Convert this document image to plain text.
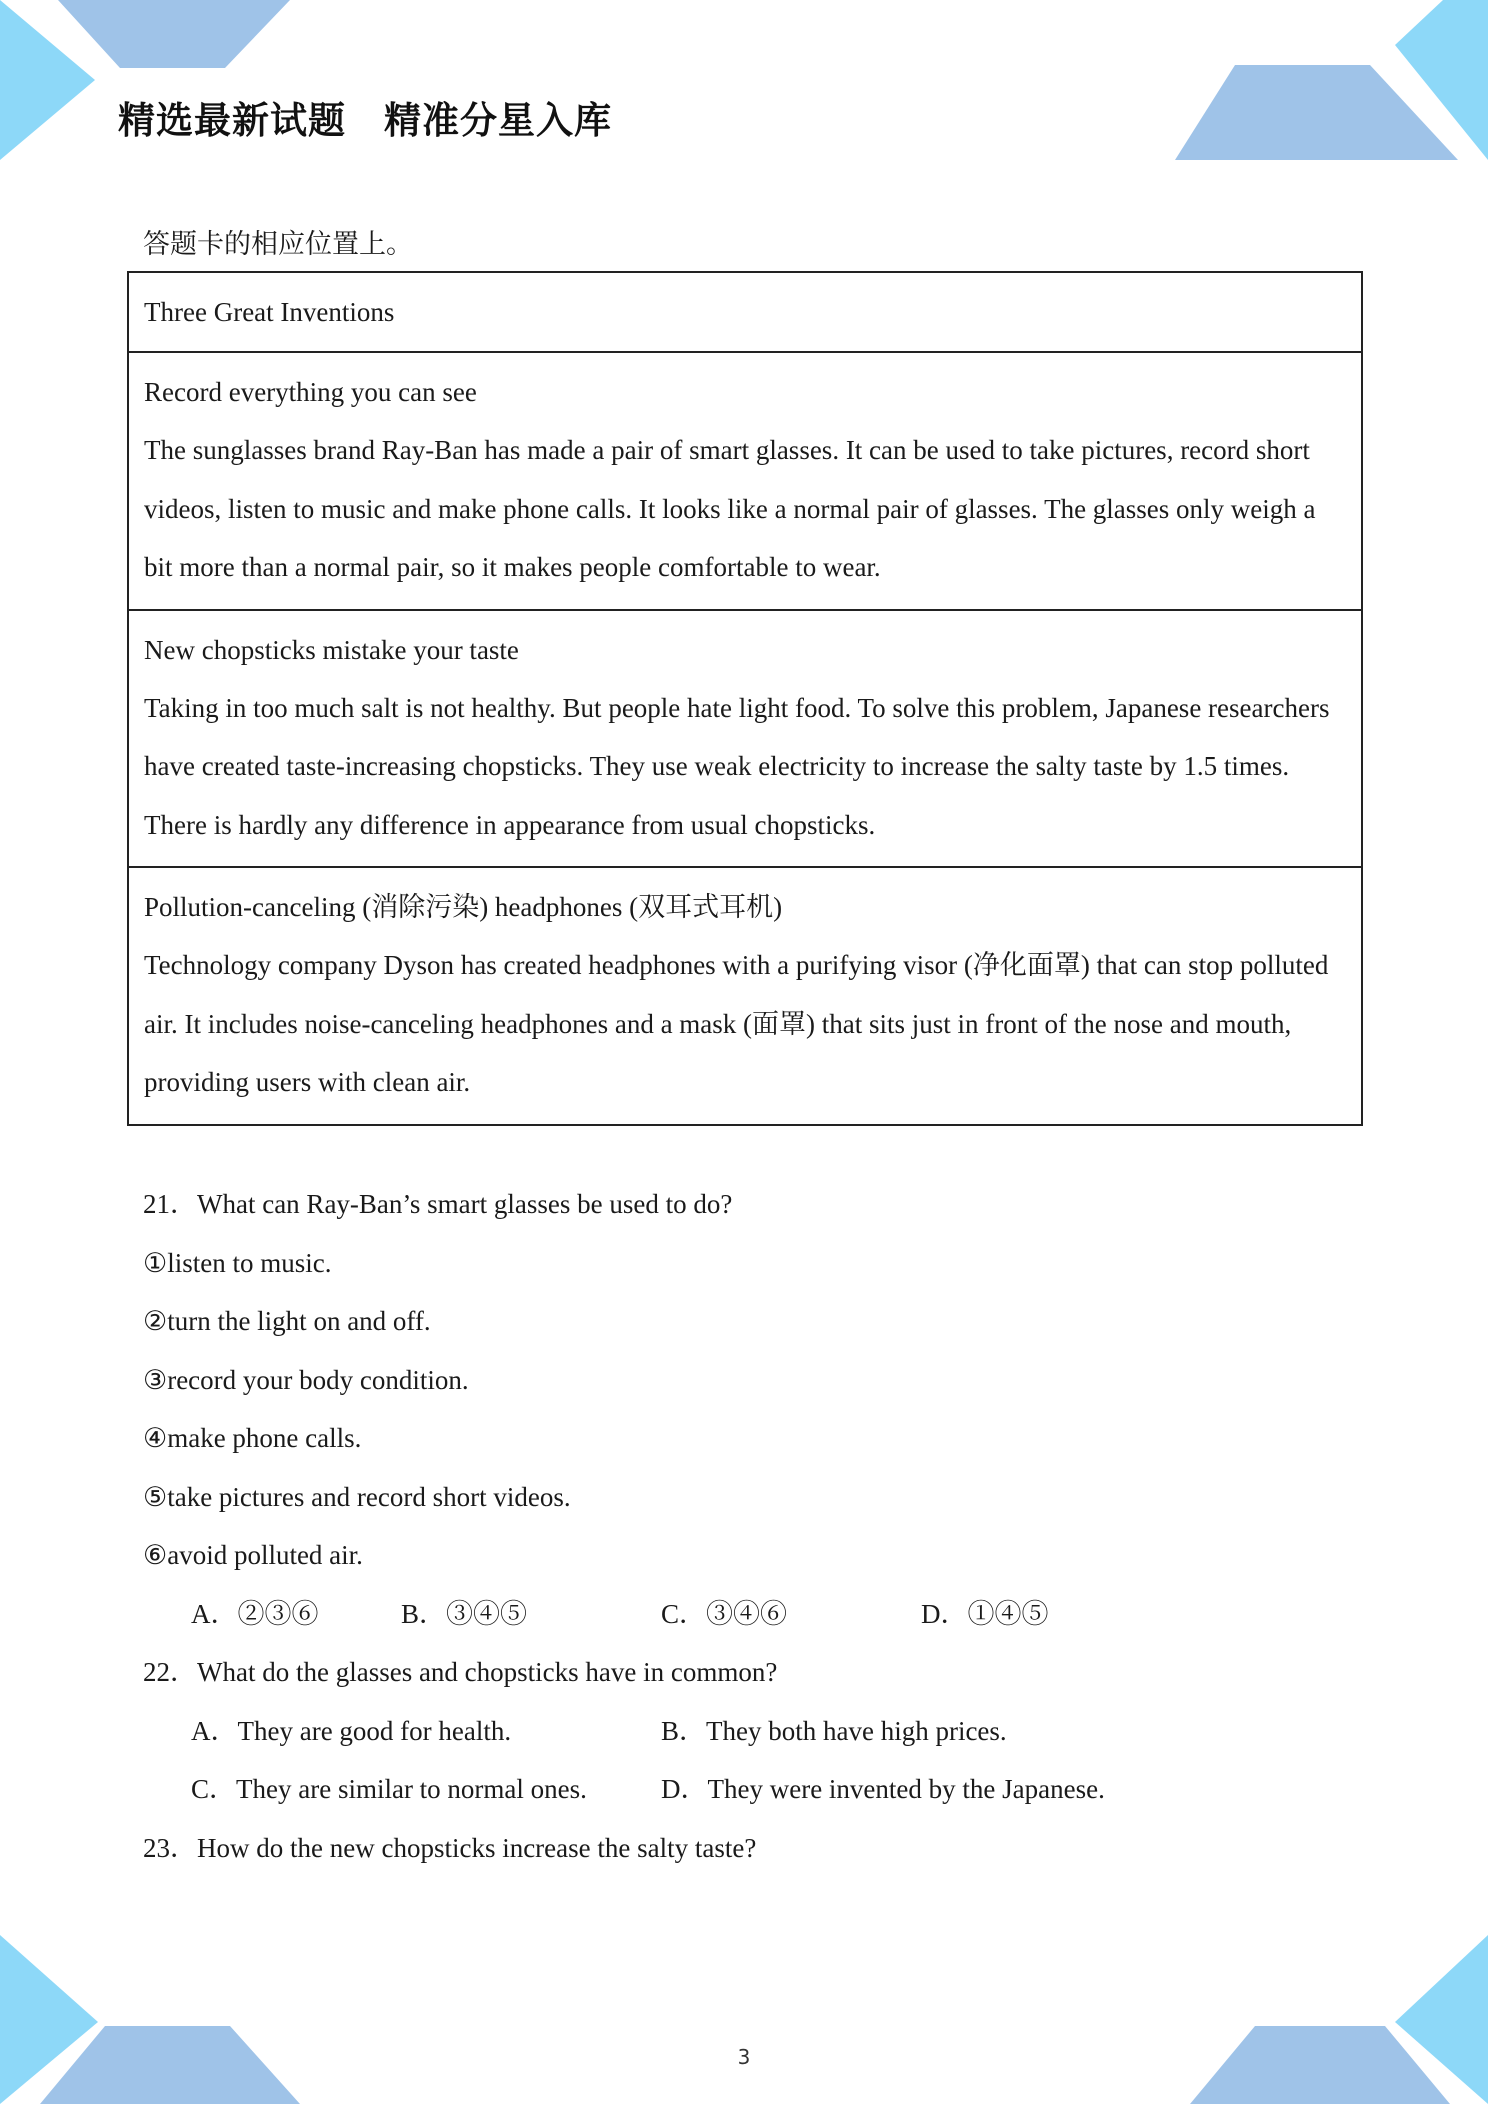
精选最新试题　精准分星入库
答题卡的相应位置上。
Three Great Inventions
Record everything you can see
The sunglasses brand Ray-Ban has made a pair of smart glasses. It can be used to take pictures, record short videos, listen to music and make phone calls. It looks like a normal pair of glasses. The glasses only weigh a bit more than a normal pair, so it makes people comfortable to wear.
New chopsticks mistake your taste
Taking in too much salt is not healthy. But people hate light food. To solve this problem, Japanese researchers have created taste-increasing chopsticks. They use weak electricity to increase the salty taste by 1.5 times. There is hardly any difference in appearance from usual chopsticks.
Pollution-canceling (消除污染) headphones (双耳式耳机)
Technology company Dyson has created headphones with a purifying visor (净化面罩) that can stop polluted air. It includes noise-canceling headphones and a mask (面罩) that sits just in front of the nose and mouth, providing users with clean air.
21．What can Ray-Ban’s smart glasses be used to do?
①listen to music.
②turn the light on and off.
③record your body condition.
④make phone calls.
⑤take pictures and record short videos.
⑥avoid polluted air.
A．②③⑥	B．③④⑤	C．③④⑥	D．①④⑤
22．What do the glasses and chopsticks have in common?
A．They are good for health.	B．They both have high prices.
C．They are similar to normal ones.	D．They were invented by the Japanese.
23．How do the new chopsticks increase the salty taste?
3
